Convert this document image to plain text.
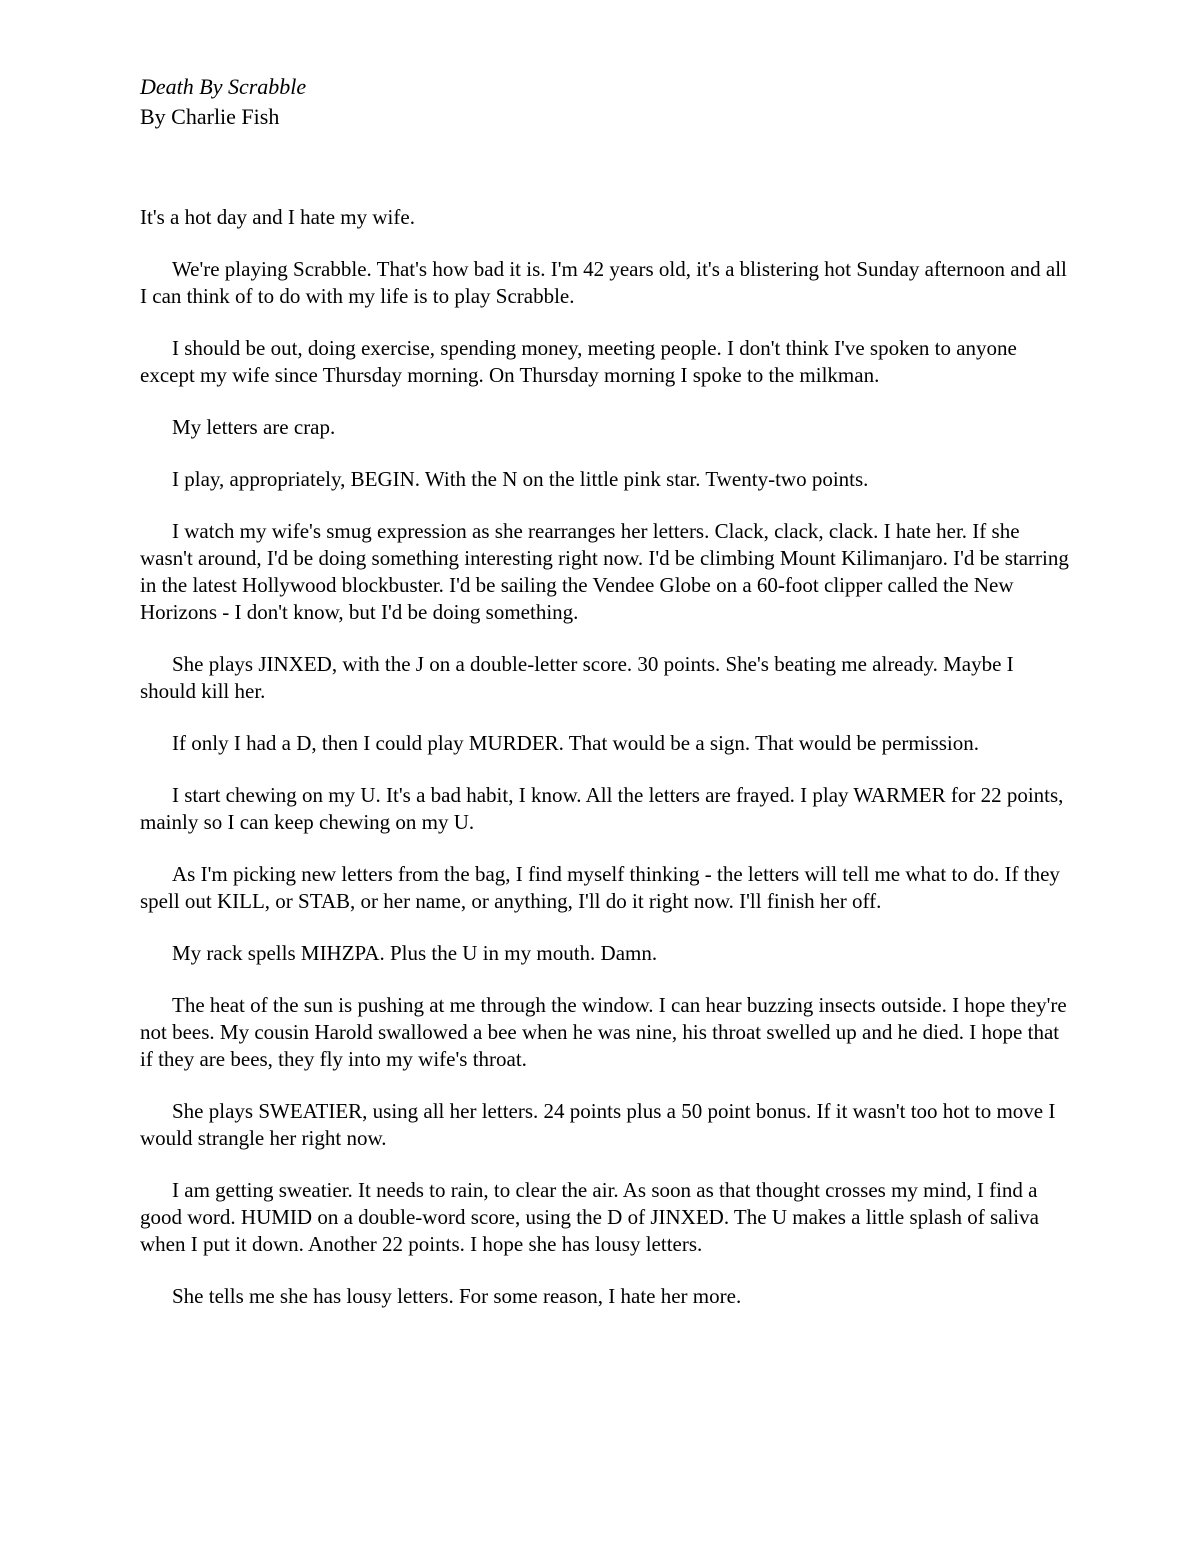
Death By Scrabble

By Charlie Fish

It's a hot day and I hate my wife.

We're playing Scrabble. That's how bad it is. I'm 42 years old, it's a blistering hot Sunday afternoon and all I can think of to do with my life is to play Scrabble.

I should be out, doing exercise, spending money, meeting people. I don't think I've spoken to anyone except my wife since Thursday morning. On Thursday morning I spoke to the milkman.

My letters are crap.

I play, appropriately, BEGIN. With the N on the little pink star. Twenty-two points.

I watch my wife's smug expression as she rearranges her letters. Clack, clack, clack. I hate her. If she wasn't around, I'd be doing something interesting right now. I'd be climbing Mount Kilimanjaro. I'd be starring in the latest Hollywood blockbuster. I'd be sailing the Vendee Globe on a 60-foot clipper called the New Horizons - I don't know, but I'd be doing something.

She plays JINXED, with the J on a double-letter score. 30 points. She's beating me already. Maybe I should kill her.

If only I had a D, then I could play MURDER. That would be a sign. That would be permission.

I start chewing on my U. It's a bad habit, I know. All the letters are frayed. I play WARMER for 22 points, mainly so I can keep chewing on my U.

As I'm picking new letters from the bag, I find myself thinking - the letters will tell me what to do. If they spell out KILL, or STAB, or her name, or anything, I'll do it right now. I'll finish her off.

My rack spells MIHZPA. Plus the U in my mouth. Damn.

The heat of the sun is pushing at me through the window. I can hear buzzing insects outside. I hope they're not bees. My cousin Harold swallowed a bee when he was nine, his throat swelled up and he died. I hope that if they are bees, they fly into my wife's throat.

She plays SWEATIER, using all her letters. 24 points plus a 50 point bonus. If it wasn't too hot to move I would strangle her right now.

I am getting sweatier. It needs to rain, to clear the air. As soon as that thought crosses my mind, I find a good word. HUMID on a double-word score, using the D of JINXED. The U makes a little splash of saliva when I put it down. Another 22 points. I hope she has lousy letters.

She tells me she has lousy letters. For some reason, I hate her more.
